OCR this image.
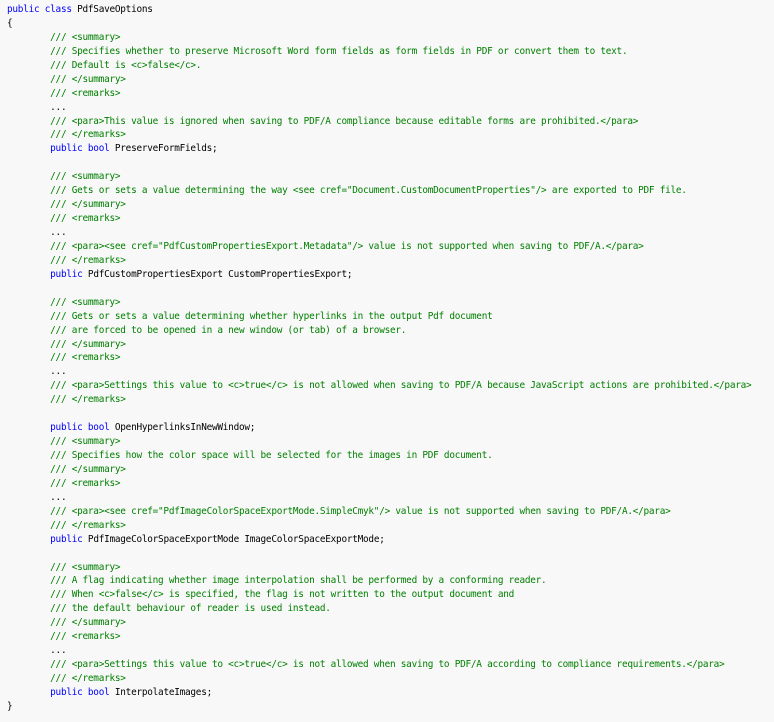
public class PdfSaveOptions
{
/// <summary>
/// Specifies whether to preserve Microsoft Word form fields as form fields in PDF or convert them to text.
/// Default is <c>false</c>.
/// </summary>
/// <remarks>
...
/// <para>This value is ignored when saving to PDF/A compliance because editable forms are prohibited.</para>
/// </remarks>
public bool PreserveFormFields;
/// <summary>
/// Gets or sets a value determining the way <see cref="Document.CustomDocumentProperties"/> are exported to PDF file.
/// </summary>
/// <remarks>
...
/// <para><see cref="PdfCustomPropertiesExport.Metadata"/> value is not supported when saving to PDF/A.</para>
/// </remarks>
public PdfCustomPropertiesExport CustomPropertiesExport;
/// <summary>
/// Gets or sets a value determining whether hyperlinks in the output Pdf document
/// are forced to be opened in a new window (or tab) of a browser.
/// </summary>
/// <remarks>
...
/// <para>Settings this value to <c>true</c> is not allowed when saving to PDF/A because JavaScript actions are prohibited.</para>
/// </remarks>
public bool OpenHyperlinksInNewWindow;
/// <summary>
/// Specifies how the color space will be selected for the images in PDF document.
/// </summary>
/// <remarks>
...
/// <para><see cref="PdfImageColorSpaceExportMode.SimpleCmyk"/> value is not supported when saving to PDF/A.</para>
/// </remarks>
public PdfImageColorSpaceExportMode ImageColorSpaceExportMode;
/// <summary>
/// A flag indicating whether image interpolation shall be performed by a conforming reader.
/// When <c>false</c> is specified, the flag is not written to the output document and
/// the default behaviour of reader is used instead.
/// </summary>
/// <remarks>
...
/// <para>Settings this value to <c>true</c> is not allowed when saving to PDF/A according to compliance requirements.</para>
/// </remarks>
public bool InterpolateImages;
}
